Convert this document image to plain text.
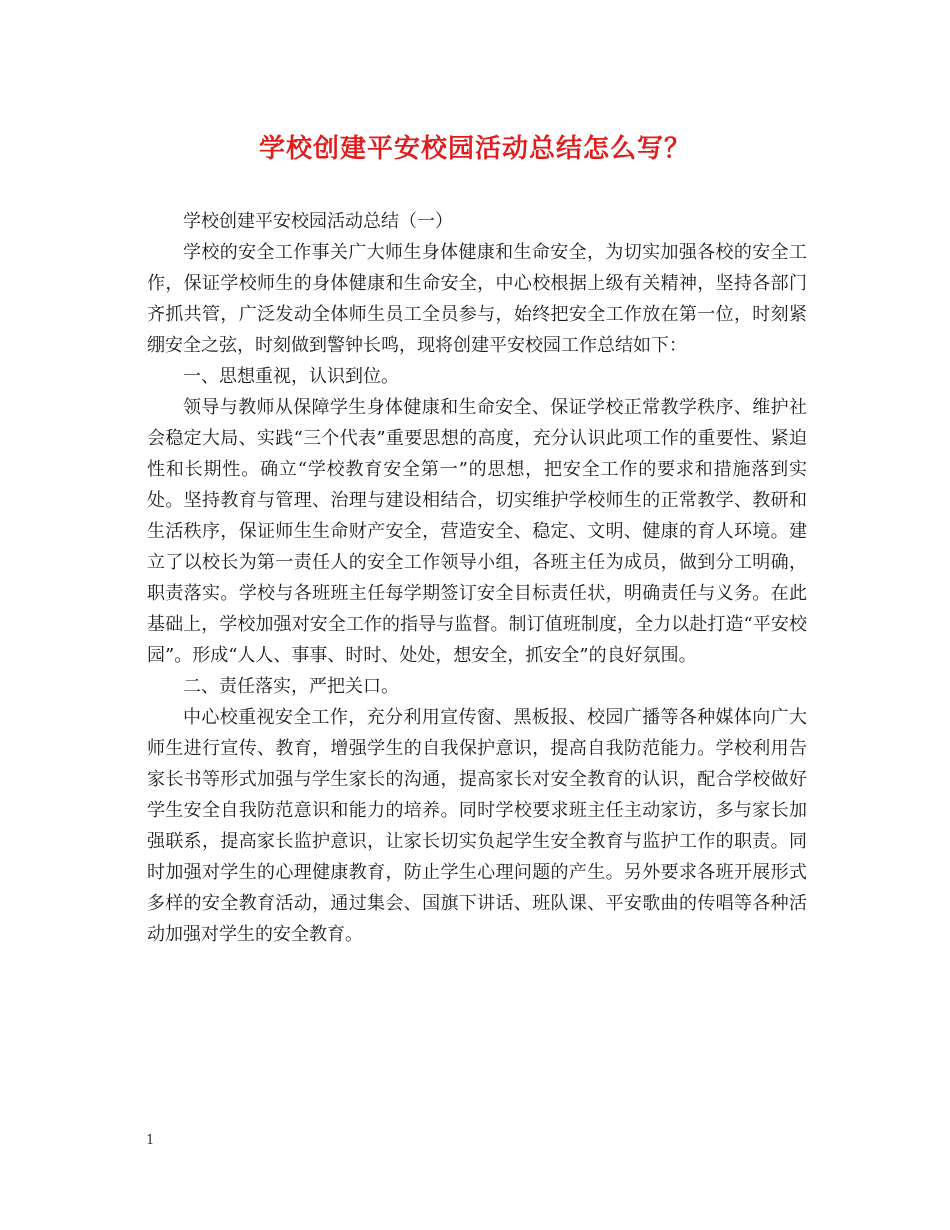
学校创建平安校园活动总结怎么写？

学校创建平安校园活动总结（一）

学校的安全工作事关广大师生身体健康和生命安全，为切实加强各校的安全工作，保证学校师生的身体健康和生命安全，中心校根据上级有关精神，坚持各部门齐抓共管，广泛发动全体师生员工全员参与，始终把安全工作放在第一位，时刻紧绷安全之弦，时刻做到警钟长鸣，现将创建平安校园工作总结如下：

一、思想重视，认识到位。

领导与教师从保障学生身体健康和生命安全、保证学校正常教学秩序、维护社会稳定大局、实践“三个代表”重要思想的高度，充分认识此项工作的重要性、紧迫性和长期性。确立“学校教育安全第一”的思想，把安全工作的要求和措施落到实处。坚持教育与管理、治理与建设相结合，切实维护学校师生的正常教学、教研和生活秩序，保证师生生命财产安全，营造安全、稳定、文明、健康的育人环境。建立了以校长为第一责任人的安全工作领导小组，各班主任为成员，做到分工明确，职责落实。学校与各班班主任每学期签订安全目标责任状，明确责任与义务。在此基础上，学校加强对安全工作的指导与监督。制订值班制度，全力以赴打造“平安校园”。形成“人人、事事、时时、处处，想安全，抓安全”的良好氛围。

二、责任落实，严把关口。

中心校重视安全工作，充分利用宣传窗、黑板报、校园广播等各种媒体向广大师生进行宣传、教育，增强学生的自我保护意识，提高自我防范能力。学校利用告家长书等形式加强与学生家长的沟通，提高家长对安全教育的认识，配合学校做好学生安全自我防范意识和能力的培养。同时学校要求班主任主动家访，多与家长加强联系，提高家长监护意识，让家长切实负起学生安全教育与监护工作的职责。同时加强对学生的心理健康教育，防止学生心理问题的产生。另外要求各班开展形式多样的安全教育活动，通过集会、国旗下讲话、班队课、平安歌曲的传唱等各种活动加强对学生的安全教育。

1
